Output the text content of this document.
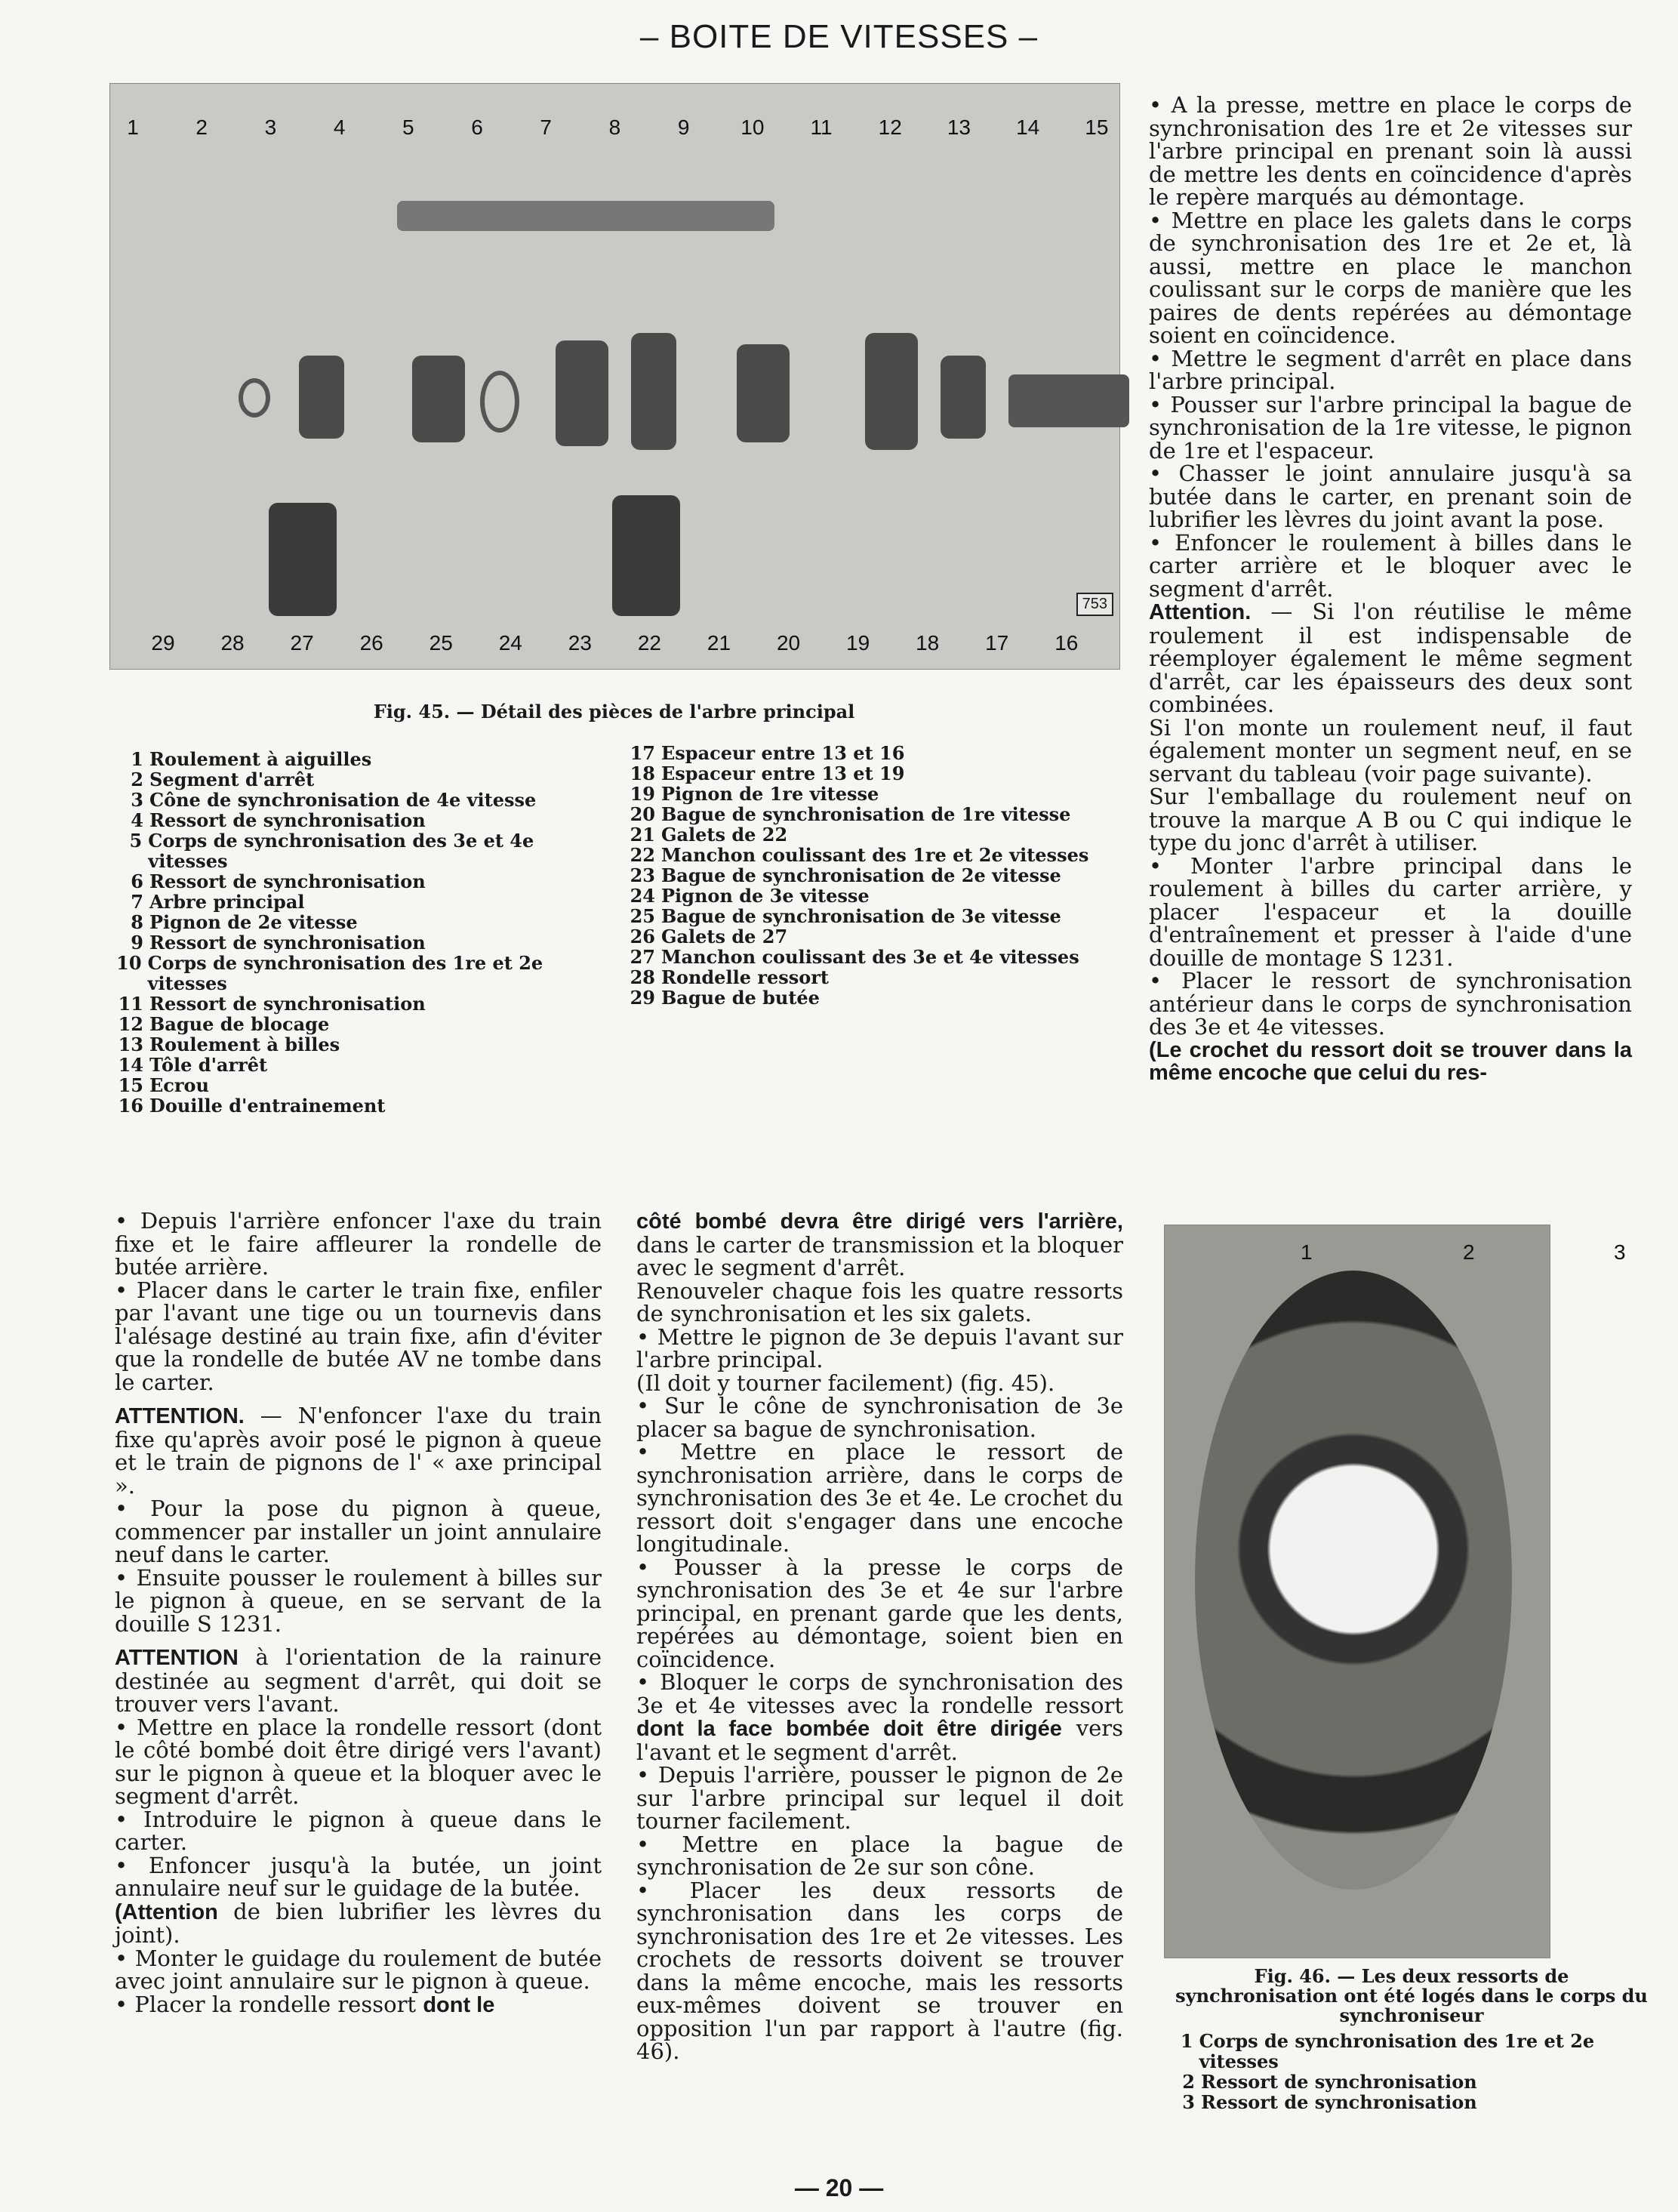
– BOITE DE VITESSES –
1	2	3	4	5	6	7	8	9	10	11	12	13	14	15
753
29	28	27	26	25	24	23	22	21	20	19	18	17	16
Fig. 45. — Détail des pièces de l'arbre principal
1 Roulement à aiguilles
2 Segment d'arrêt
3 Cône de synchronisation de 4e vitesse
4 Ressort de synchronisation
5 Corps de synchronisation des 3e et 4e vitesses
6 Ressort de synchronisation
7 Arbre principal
8 Pignon de 2e vitesse
9 Ressort de synchronisation
10 Corps de synchronisation des 1re et 2e vitesses
11 Ressort de synchronisation
12 Bague de blocage
13 Roulement à billes
14 Tôle d'arrêt
15 Ecrou
16 Douille d'entrainement
17 Espaceur entre 13 et 16
18 Espaceur entre 13 et 19
19 Pignon de 1re vitesse
20 Bague de synchronisation de 1re vitesse
21 Galets de 22
22 Manchon coulissant des 1re et 2e vitesses
23 Bague de synchronisation de 2e vitesse
24 Pignon de 3e vitesse
25 Bague de synchronisation de 3e vitesse
26 Galets de 27
27 Manchon coulissant des 3e et 4e vitesses
28 Rondelle ressort
29 Bague de butée

• A la presse, mettre en place le corps de synchronisation des 1re et 2e vitesses sur l'arbre principal en prenant soin là aussi de mettre les dents en coïncidence d'après le repère marqués au démontage.

• Mettre en place les galets dans le corps de synchronisation des 1re et 2e et, là aussi, mettre en place le manchon coulissant sur le corps de manière que les paires de dents repérées au démontage soient en coïncidence.

• Mettre le segment d'arrêt en place dans l'arbre principal.

• Pousser sur l'arbre principal la bague de synchronisation de la 1re vitesse, le pignon de 1re et l'espaceur.

• Chasser le joint annulaire jusqu'à sa butée dans le carter, en prenant soin de lubrifier les lèvres du joint avant la pose.

• Enfoncer le roulement à billes dans le carter arrière et le bloquer avec le segment d'arrêt.

Attention. — Si l'on réutilise le même roulement il est indispensable de réemployer également le même segment d'arrêt, car les épaisseurs des deux sont combinées.

Si l'on monte un roulement neuf, il faut également monter un segment neuf, en se servant du tableau (voir page suivante).

Sur l'emballage du roulement neuf on trouve la marque A B ou C qui indique le type du jonc d'arrêt à utiliser.

• Monter l'arbre principal dans le roulement à billes du carter arrière, y placer l'espaceur et la douille d'entraînement et presser à l'aide d'une douille de montage S 1231.

• Placer le ressort de synchronisation antérieur dans le corps de synchronisation des 3e et 4e vitesses.

(Le crochet du ressort doit se trouver dans la même encoche que celui du res-

• Depuis l'arrière enfoncer l'axe du train fixe et le faire affleurer la rondelle de butée arrière.

• Placer dans le carter le train fixe, enfiler par l'avant une tige ou un tournevis dans l'alésage destiné au train fixe, afin d'éviter que la rondelle de butée AV ne tombe dans le carter.

ATTENTION. — N'enfoncer l'axe du train fixe qu'après avoir posé le pignon à queue et le train de pignons de l' « axe principal ».

• Pour la pose du pignon à queue, commencer par installer un joint annulaire neuf dans le carter.

• Ensuite pousser le roulement à billes sur le pignon à queue, en se servant de la douille S 1231.

ATTENTION à l'orientation de la rainure destinée au segment d'arrêt, qui doit se trouver vers l'avant.

• Mettre en place la rondelle ressort (dont le côté bombé doit être dirigé vers l'avant) sur le pignon à queue et la bloquer avec le segment d'arrêt.

• Introduire le pignon à queue dans le carter.

• Enfoncer jusqu'à la butée, un joint annulaire neuf sur le guidage de la butée.

(Attention de bien lubrifier les lèvres du joint).

• Monter le guidage du roulement de butée avec joint annulaire sur le pignon à queue.

• Placer la rondelle ressort dont le

côté bombé devra être dirigé vers l'arrière, dans le carter de transmission et la bloquer avec le segment d'arrêt.

Renouveler chaque fois les quatre ressorts de synchronisation et les six galets.

• Mettre le pignon de 3e depuis l'avant sur l'arbre principal.

(Il doit y tourner facilement) (fig. 45).

• Sur le cône de synchronisation de 3e placer sa bague de synchronisation.

• Mettre en place le ressort de synchronisation arrière, dans le corps de synchronisation des 3e et 4e. Le crochet du ressort doit s'engager dans une encoche longitudinale.

• Pousser à la presse le corps de synchronisation des 3e et 4e sur l'arbre principal, en prenant garde que les dents, repérées au démontage, soient bien en coïncidence.

• Bloquer le corps de synchronisation des 3e et 4e vitesses avec la rondelle ressort dont la face bombée doit être dirigée vers l'avant et le segment d'arrêt.

• Depuis l'arrière, pousser le pignon de 2e sur l'arbre principal sur lequel il doit tourner facilement.

• Mettre en place la bague de synchronisation de 2e sur son cône.

• Placer les deux ressorts de synchronisation dans les corps de synchronisation des 1re et 2e vitesses. Les crochets de ressorts doivent se trouver dans la même encoche, mais les ressorts eux-mêmes doivent se trouver en opposition l'un par rapport à l'autre (fig. 46).

1	2	3
Fig. 46. — Les deux ressorts de synchronisation ont été logés dans le corps du synchroniseur
1 Corps de synchronisation des 1re et 2e vitesses
2 Ressort de synchronisation
3 Ressort de synchronisation
— 20 —
